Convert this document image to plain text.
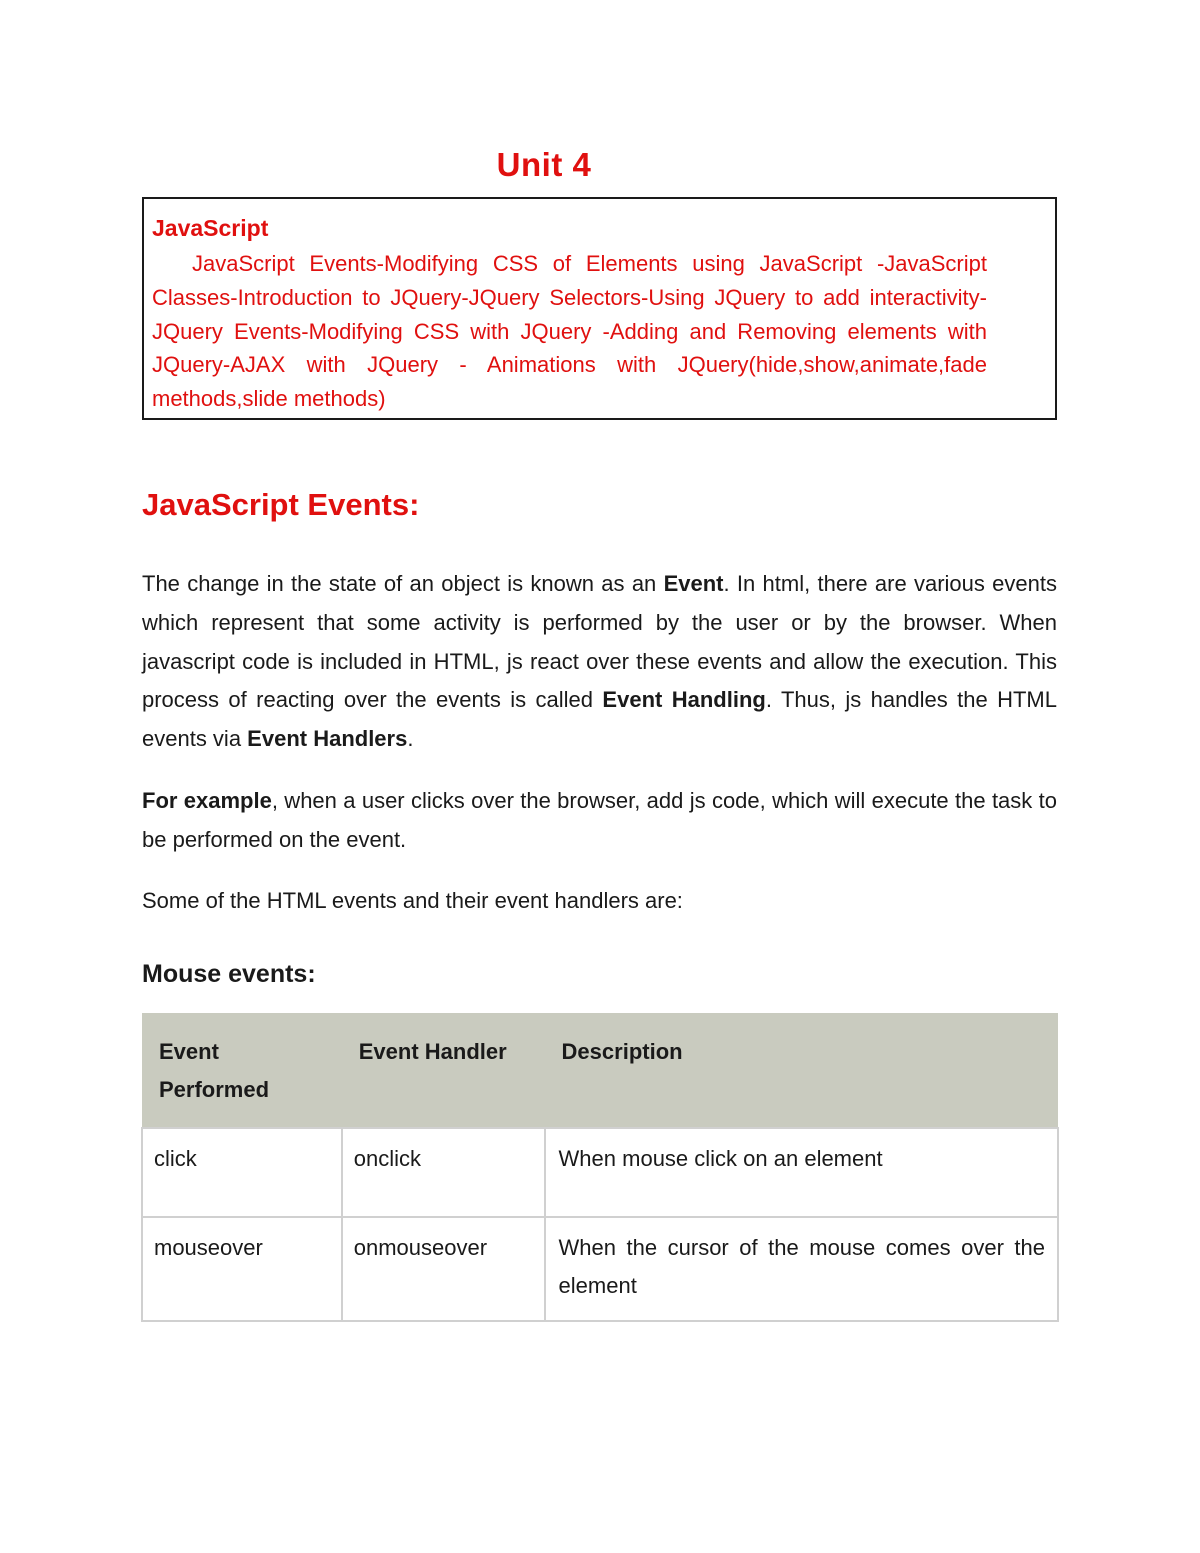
Unit 4
JavaScript
JavaScript Events-Modifying CSS of Elements using JavaScript -JavaScript Classes-Introduction to JQuery-JQuery Selectors-Using JQuery to add interactivity-JQuery Events-Modifying CSS with JQuery -Adding and Removing elements with JQuery-AJAX with JQuery - Animations with JQuery(hide,show,animate,fade methods,slide methods)
JavaScript Events:
The change in the state of an object is known as an Event. In html, there are various events which represent that some activity is performed by the user or by the browser. When javascript code is included in HTML, js react over these events and allow the execution. This process of reacting over the events is called Event Handling. Thus, js handles the HTML events via Event Handlers.
For example, when a user clicks over the browser, add js code, which will execute the task to be performed on the event.
Some of the HTML events and their event handlers are:
Mouse events:
Event Performed	Event Handler	Description
click	onclick	When mouse click on an element
mouseover	onmouseover	When the cursor of the mouse comes over the element
